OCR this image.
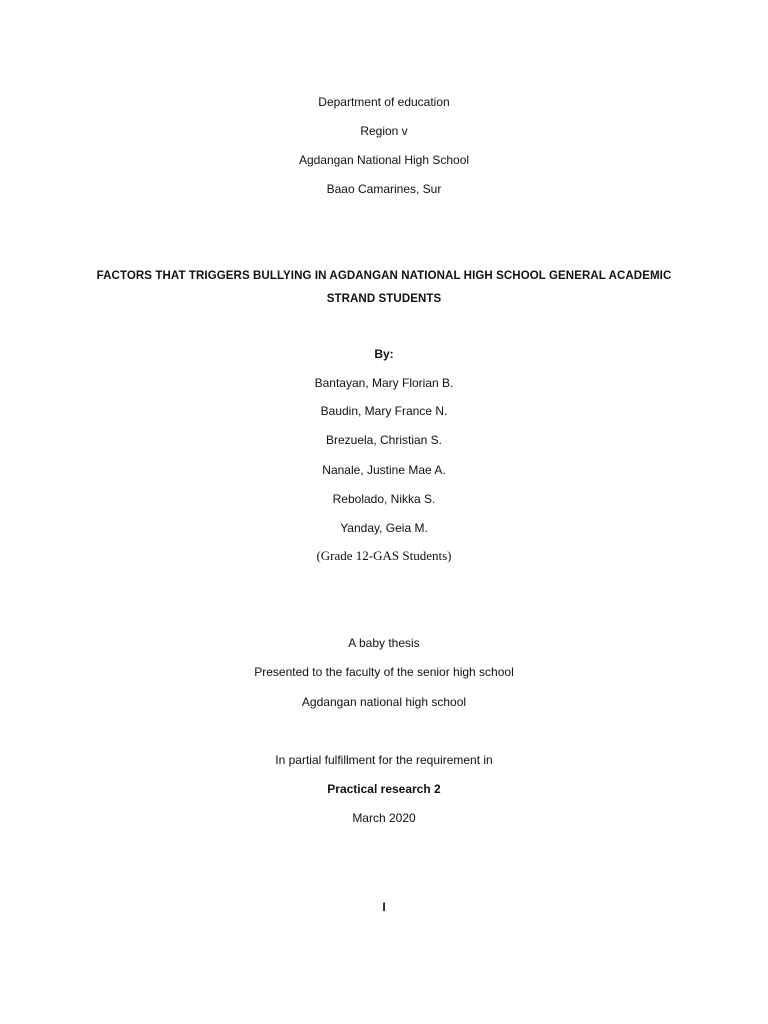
Department of education
Region v
Agdangan National High School
Baao Camarines, Sur
FACTORS THAT TRIGGERS BULLYING IN AGDANGAN NATIONAL HIGH SCHOOL GENERAL ACADEMIC STRAND STUDENTS
By:
Bantayan, Mary Florian B.
Baudin, Mary France N.
Brezuela, Christian S.
Nanale, Justine Mae A.
Rebolado, Nikka S.
Yanday, Geia M.
(Grade 12-GAS Students)
A baby thesis
Presented to the faculty of the senior high school
Agdangan national high school
In partial fulfillment for the requirement in
Practical research 2
March 2020
I
